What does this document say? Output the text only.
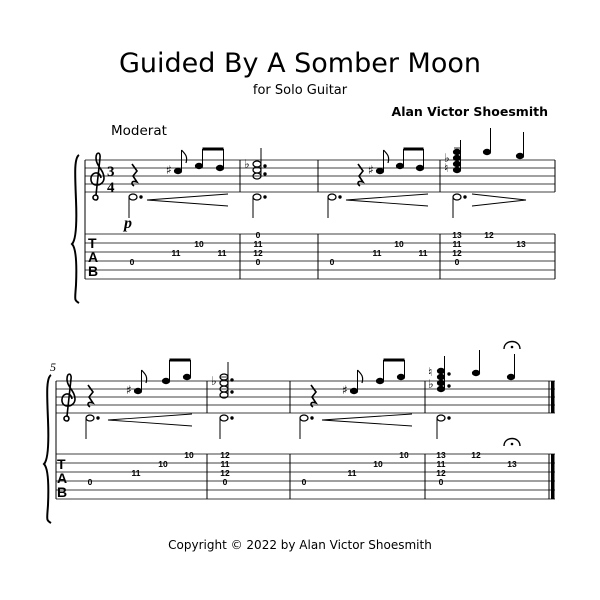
Guided By A Somber Moon
for Solo Guitar
Alan Victor Shoesmith
Moderat
3
4
T
A
B
♯
p
♭	♯
♭
♮
0
11
10
11
0
11
12
0	0
11
10
11
13
11
12
0
12
13
5
T
A
B
♯
♭
♯
♮
♭
0
11
10
10	12
11
12
0	0
11
10
10	13
11
12
0
12
13
Copyright © 2022 by Alan Victor Shoesmith
